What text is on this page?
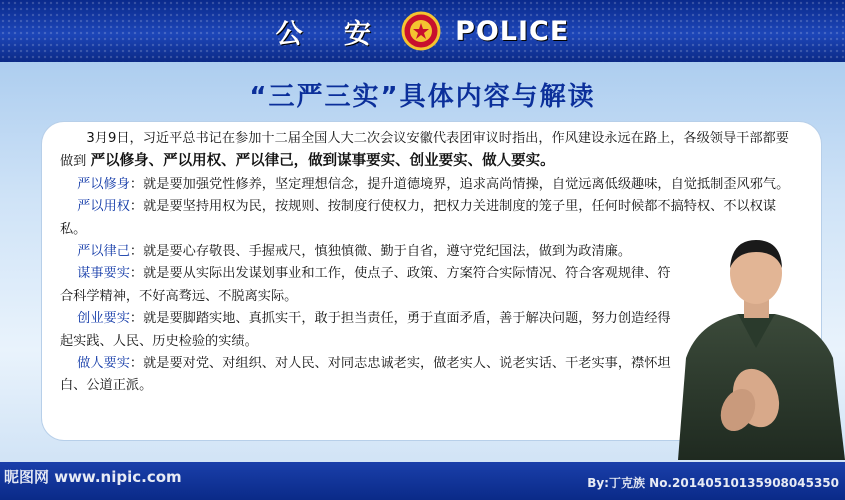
公 安	POLICE
“三严三实”具体内容与解读

3月9日，习近平总书记在参加十二届全国人大二次会议安徽代表团审议时指出，作风建设永远在路上，各级领导干部都要做到 严以修身、严以用权、严以律己，做到谋事要实、创业要实、做人要实。

严以修身：就是要加强党性修养，坚定理想信念，提升道德境界，追求高尚情操，自觉远离低级趣味，自觉抵制歪风邪气。

严以用权：就是要坚持用权为民，按规则、按制度行使权力，把权力关进制度的笼子里，任何时候都不搞特权、不以权谋私。

严以律己：就是要心存敬畏、手握戒尺，慎独慎微、勤于自省，遵守党纪国法，做到为政清廉。

谋事要实：就是要从实际出发谋划事业和工作，使点子、政策、方案符合实际情况、符合客观规律、符合科学精神，不好高骛远、不脱离实际。

创业要实：就是要脚踏实地、真抓实干，敢于担当责任，勇于直面矛盾，善于解决问题，努力创造经得起实践、人民、历史检验的实绩。

做人要实：就是要对党、对组织、对人民、对同志忠诚老实，做老实人、说老实话、干老实事，襟怀坦白、公道正派。

昵图网 www.nipic.com	By:丁克族 No.20140510135908045350
